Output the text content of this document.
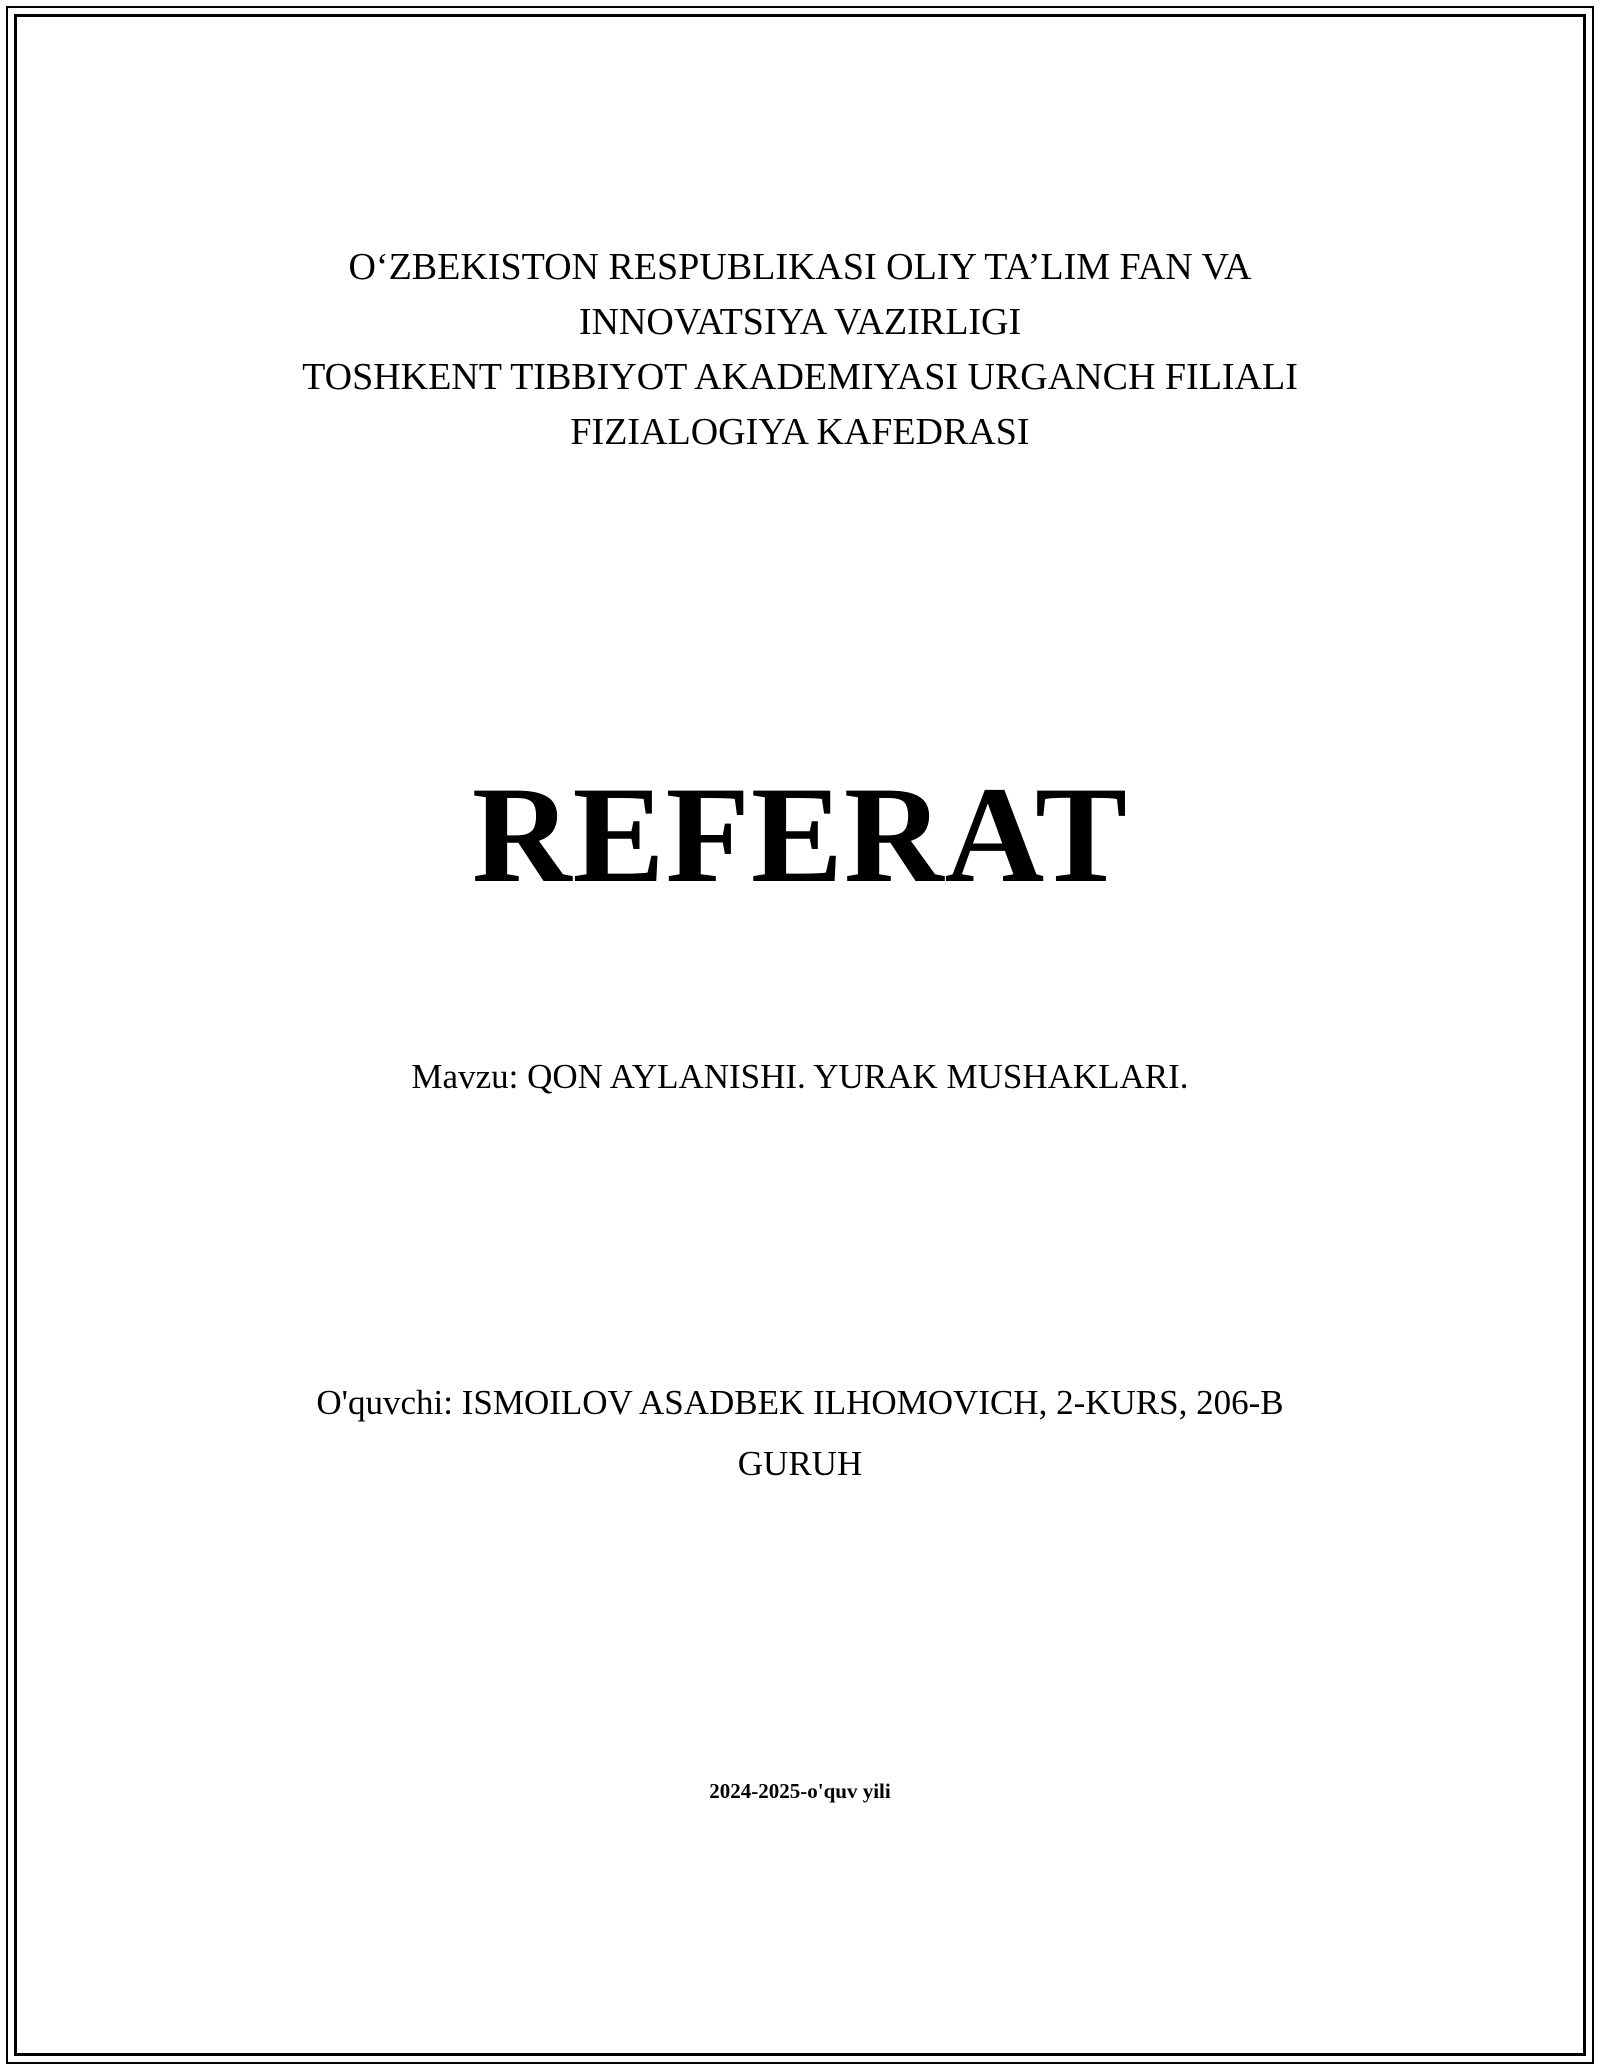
O‘ZBEKISTON RESPUBLIKASI OLIY TA’LIM FAN VA
INNOVATSIYA VAZIRLIGI
TOSHKENT TIBBIYOT AKADEMIYASI URGANCH FILIALI
FIZIALOGIYA KAFEDRASI
REFERAT
Mavzu: QON AYLANISHI. YURAK MUSHAKLARI.
O'quvchi: ISMOILOV ASADBEK ILHOMOVICH, 2-KURS, 206-B
GURUH
2024-2025-o'quv yili
